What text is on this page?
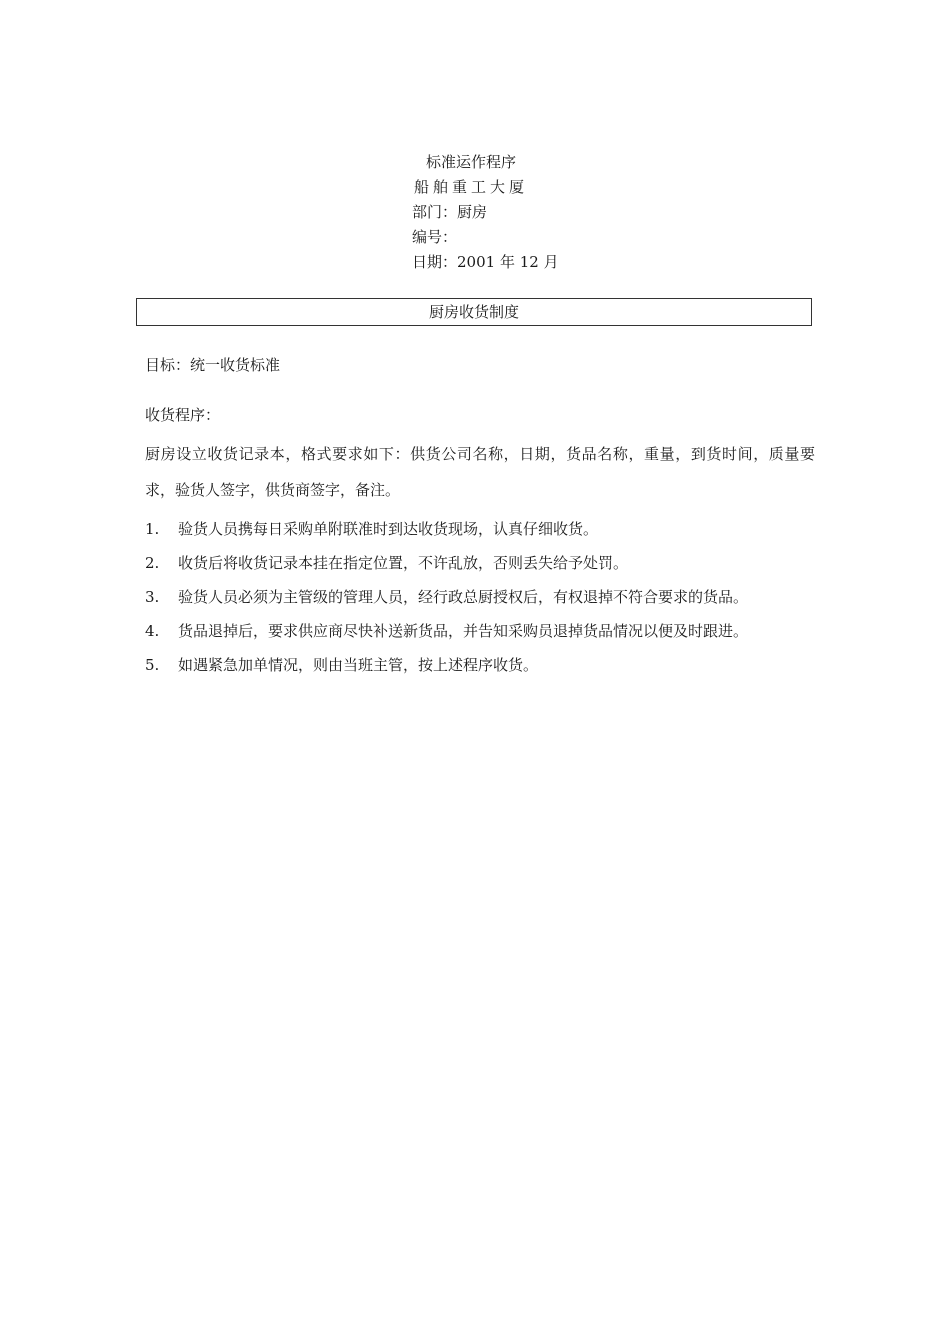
标准运作程序
船舶重工大厦
部门：厨房
编号：
日期：2001 年 12 月
厨房收货制度

目标：统一收货标准

收货程序：

厨房设立收货记录本，格式要求如下：供货公司名称，日期，货品名称，重量，到货时间，质量要求，验货人签字，供货商签字，备注。

1.	验货人员携每日采购单附联准时到达收货现场，认真仔细收货。
2.	收货后将收货记录本挂在指定位置，不许乱放，否则丢失给予处罚。
3.	验货人员必须为主管级的管理人员，经行政总厨授权后，有权退掉不符合要求的货品。
4.	货品退掉后，要求供应商尽快补送新货品，并告知采购员退掉货品情况以便及时跟进。
5.	如遇紧急加单情况，则由当班主管，按上述程序收货。
